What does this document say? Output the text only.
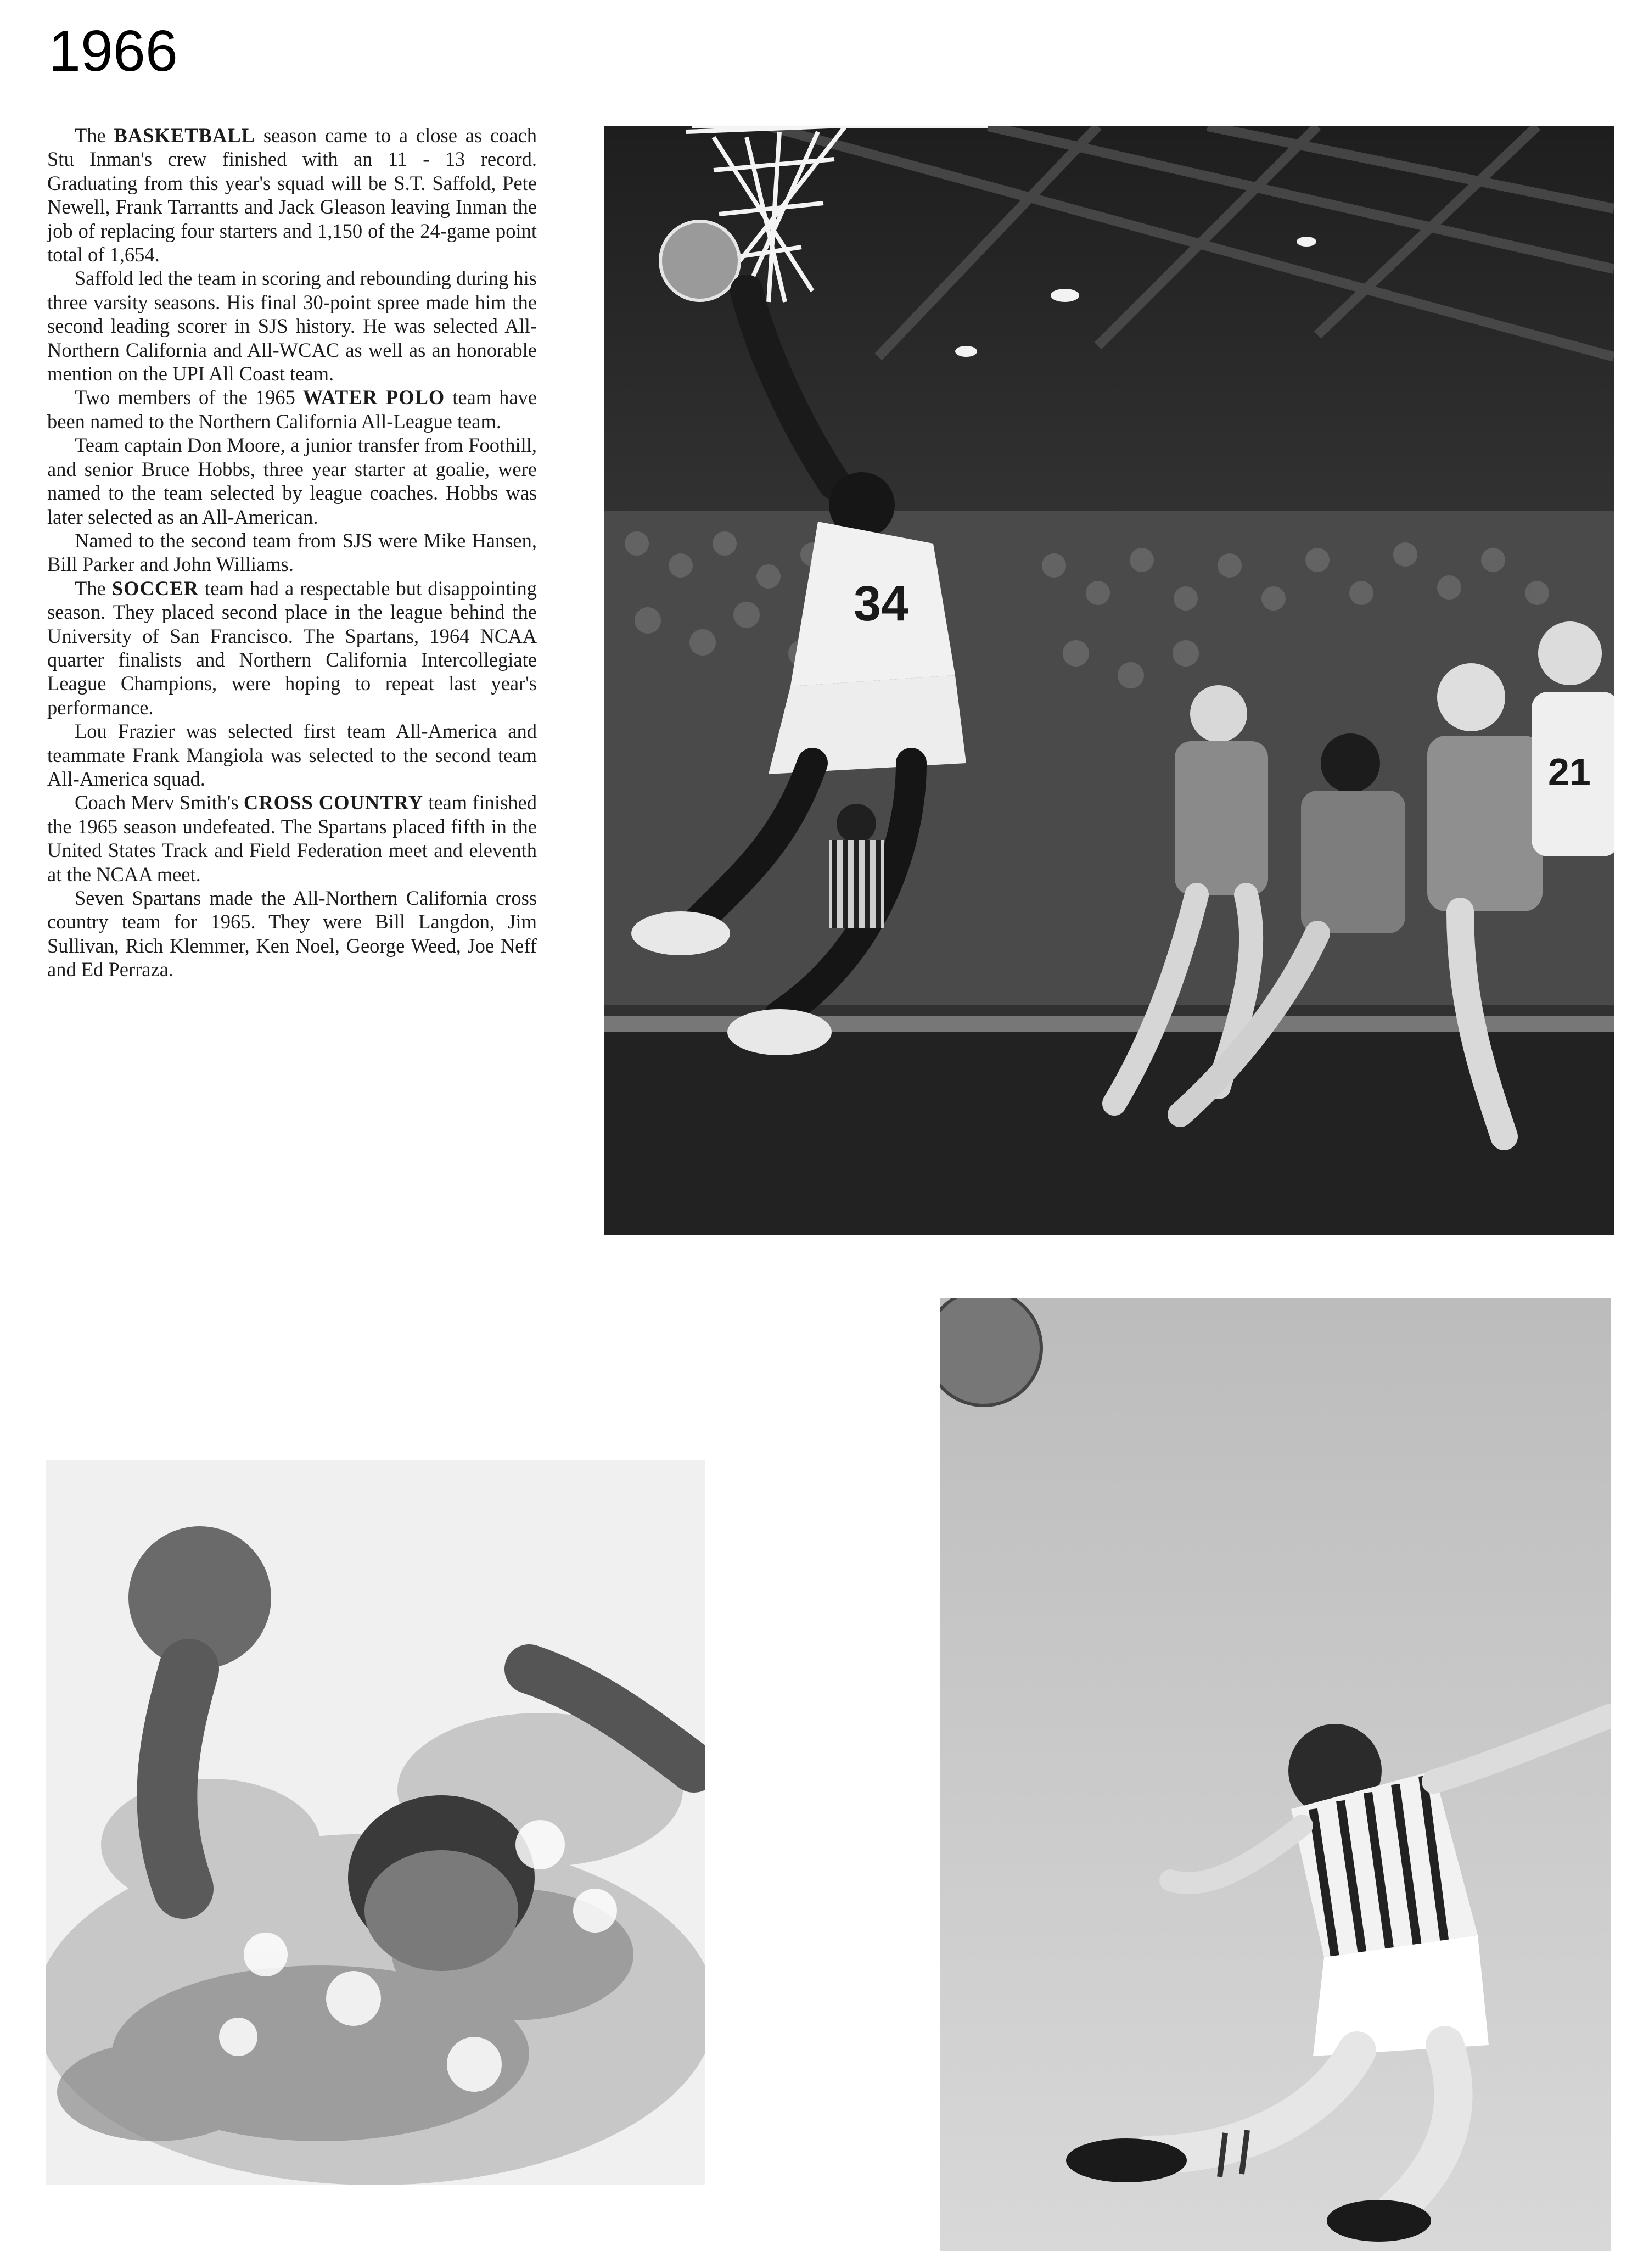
1966

The BASKETBALL season came to a close as coach Stu Inman's crew finished with an 11 - 13 record. Graduating from this year's squad will be S.T. Saffold, Pete Newell, Frank Tarrantts and Jack Gleason leaving Inman the job of replacing four starters and 1,150 of the 24-game point total of 1,654.

Saffold led the team in scoring and rebounding during his three varsity seasons. His final 30-point spree made him the second leading scorer in SJS history. He was selected All-Northern California and All-WCAC as well as an honorable mention on the UPI All Coast team.

Two members of the 1965 WATER POLO team have been named to the Northern California All-League team.

Team captain Don Moore, a junior transfer from Foothill, and senior Bruce Hobbs, three year starter at goalie, were named to the team selected by league coaches. Hobbs was later selected as an All-American.

Named to the second team from SJS were Mike Hansen, Bill Parker and John Williams.

The SOCCER team had a respectable but disappointing season. They placed second place in the league behind the University of San Francisco. The Spartans, 1964 NCAA quarter finalists and Northern California Intercollegiate League Champions, were hoping to repeat last year's performance.

Lou Frazier was selected first team All-America and teammate Frank Mangiola was selected to the second team All-America squad.

Coach Merv Smith's CROSS COUNTRY team finished the 1965 season undefeated. The Spartans placed fifth in the United States Track and Field Federation meet and eleventh at the NCAA meet.

Seven Spartans made the All-Northern California cross country team for 1965. They were Bill Langdon, Jim Sullivan, Rich Klemmer, Ken Noel, George Weed, Joe Neff and Ed Perraza.

34
21
